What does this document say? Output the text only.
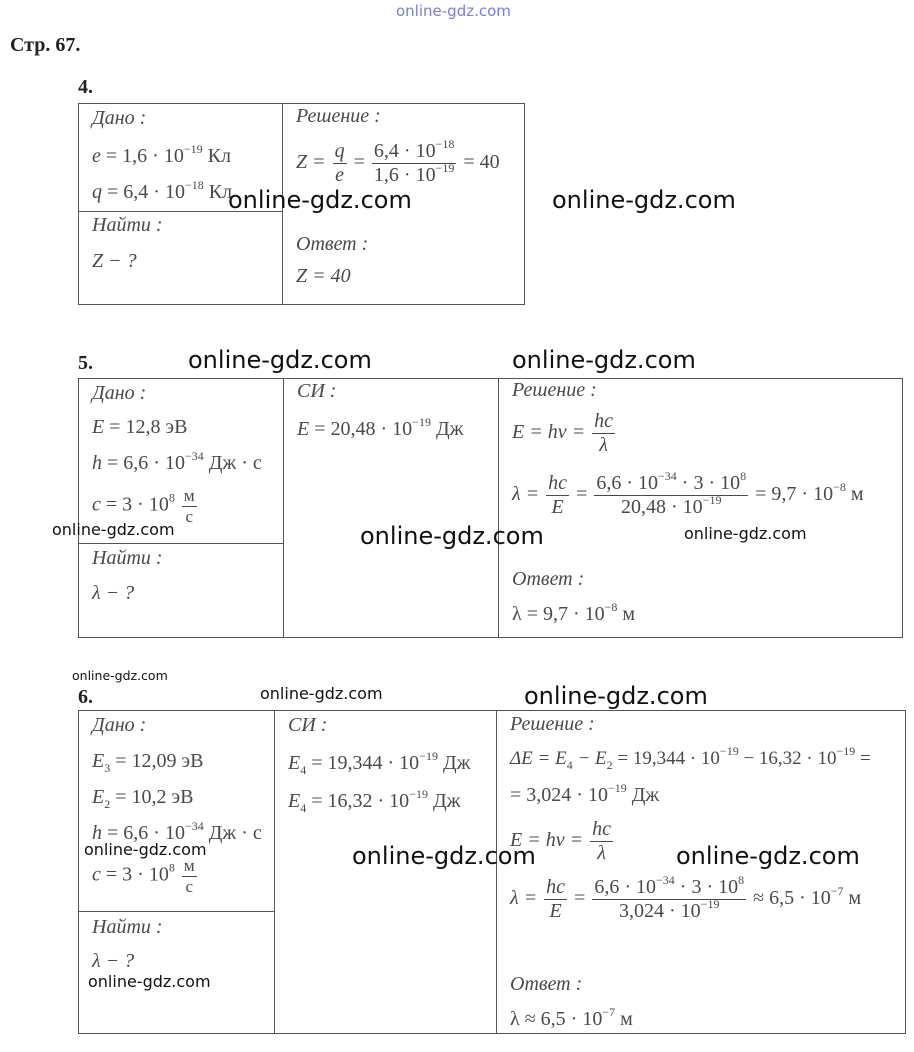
online-gdz.com
Стр. 67.
4.
Дано :
$e = 1,6 \cdot 10^{-19}$ Кл
$q = 6,4 \cdot 10^{-18}$ Кл
Найти :
Z − ?
Решение :
$Z = \frac{q}{e} = \frac{6,4 \cdot 10^{-18}}{1,6 \cdot 10^{-19}} = 40$
Ответ :
Z = 40
5.
Дано :
E = 12,8 эВ
$h = 6,6 \cdot 10^{-34}$ Дж · с
$c = 3 \cdot 10^8 \frac{м}{с}$
Найти :
λ − ?
СИ :
$E = 20,48 \cdot 10^{-19}$ Дж
Решение :
$E = h\nu = \frac{hc}{\lambda}$
$\lambda = \frac{hc}{E} = \frac{6,6 \cdot 10^{-34} \cdot 3 \cdot 10^8}{20,48 \cdot 10^{-19}} = 9,7 \cdot 10^{-8}$ м
Ответ :
$\lambda = 9,7 \cdot 10^{-8}$ м
6.
Дано :
$E_3 = 12,09$ эВ
$E_2 = 10,2$ эВ
$h = 6,6 \cdot 10^{-34}$ Дж · с
$c = 3 \cdot 10^8 \frac{м}{с}$
Найти :
λ − ?
СИ :
$E_4 = 19,344 \cdot 10^{-19}$ Дж
$E_4 = 16,32 \cdot 10^{-19}$ Дж
Решение :
$\Delta E = E_4 - E_2 = 19,344 \cdot 10^{-19} - 16,32 \cdot 10^{-19}$ =
= $3,024 \cdot 10^{-19}$ Дж
$E = h\nu = \frac{hc}{\lambda}$
$\lambda = \frac{hc}{E} = \frac{6,6 \cdot 10^{-34} \cdot 3 \cdot 10^8}{3,024 \cdot 10^{-19}} \approx 6,5 \cdot 10^{-7}$ м
Ответ :
$\lambda \approx 6,5 \cdot 10^{-7}$ м
online-gdz.com	online-gdz.com
online-gdz.com	online-gdz.com
online-gdz.com	online-gdz.com	online-gdz.com
online-gdz.com
online-gdz.com	online-gdz.com
online-gdz.com	online-gdz.com	online-gdz.com
online-gdz.com
